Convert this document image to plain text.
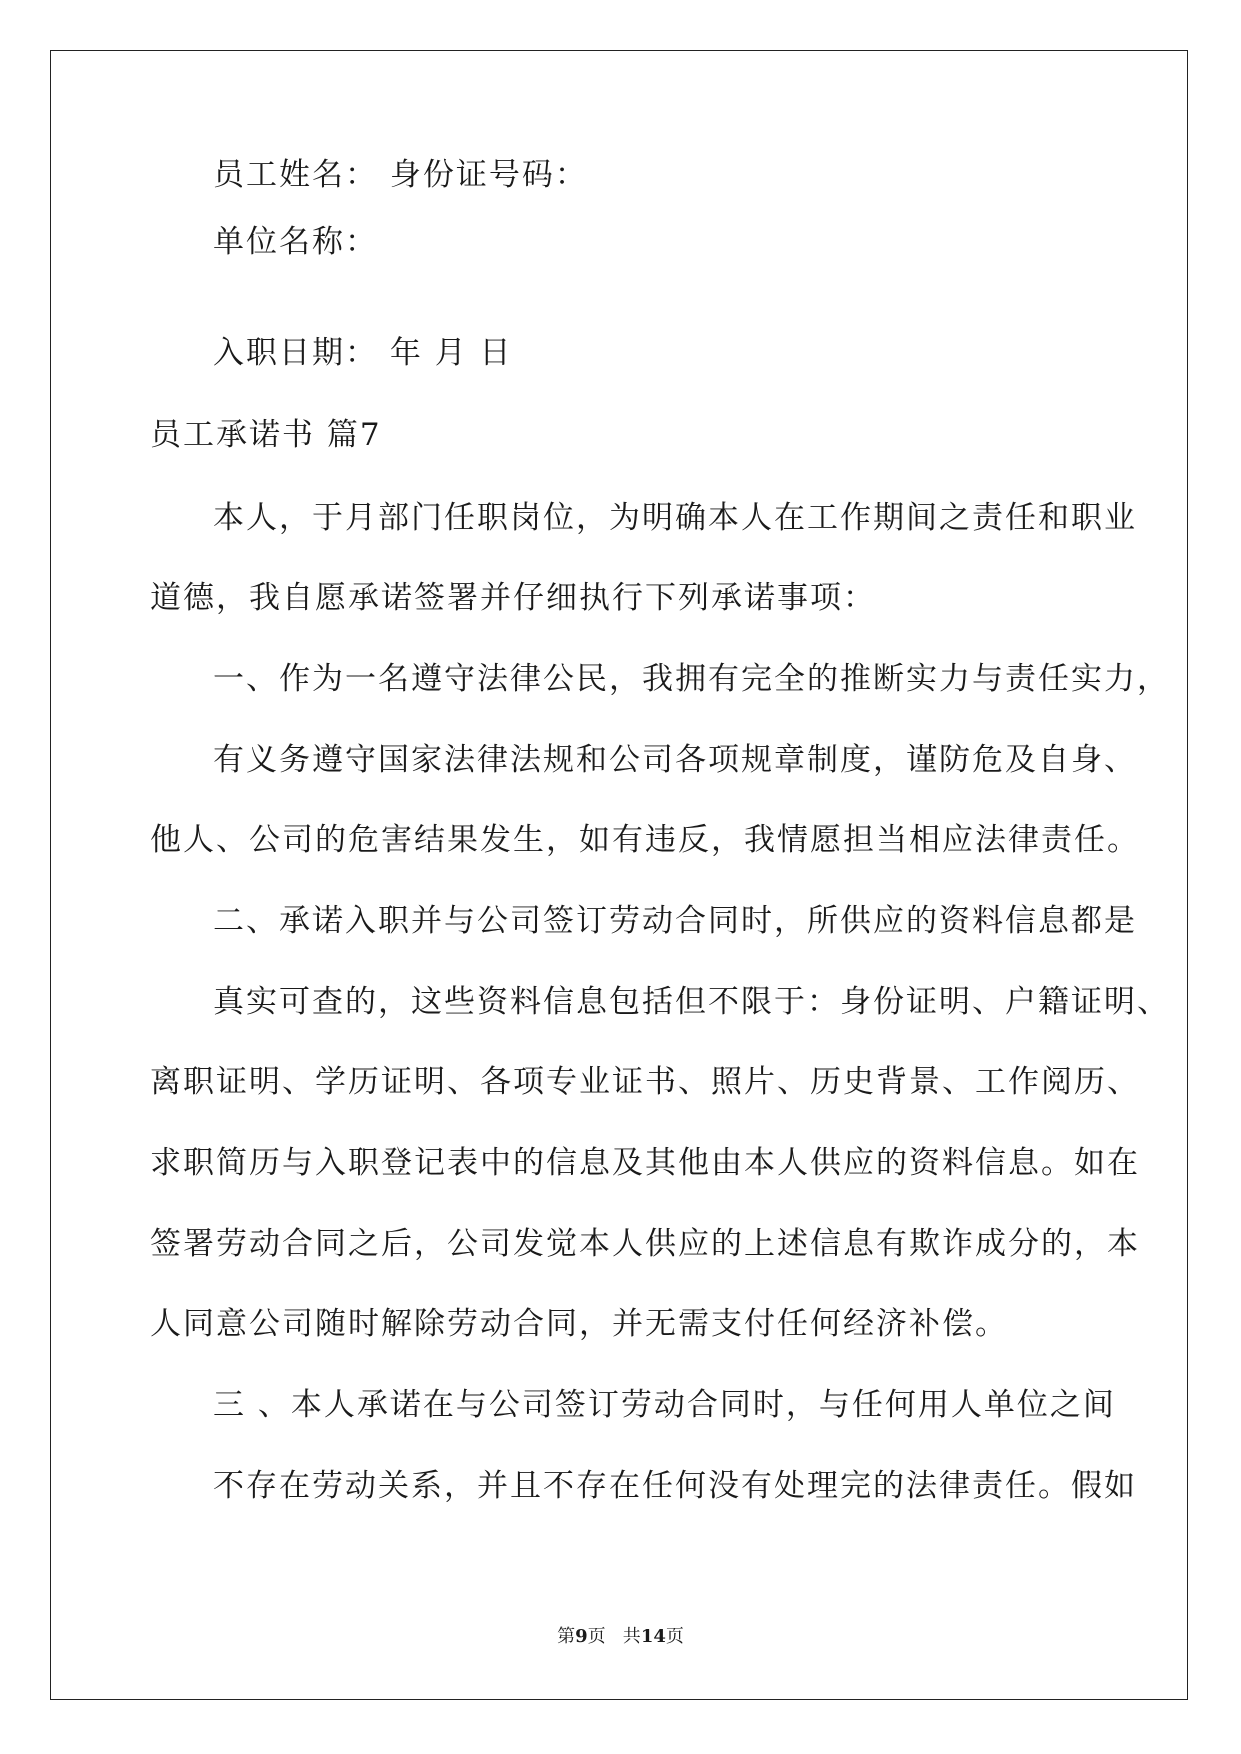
员工姓名： 身份证号码：
单位名称：
入职日期： 年 月 日
员工承诺书 篇7
本人，于月部门任职岗位，为明确本人在工作期间之责任和职业
道德，我自愿承诺签署并仔细执行下列承诺事项：
一、作为一名遵守法律公民，我拥有完全的推断实力与责任实力，
有义务遵守国家法律法规和公司各项规章制度，谨防危及自身、
他人、公司的危害结果发生，如有违反，我情愿担当相应法律责任。
二、承诺入职并与公司签订劳动合同时，所供应的资料信息都是
真实可查的，这些资料信息包括但不限于：身份证明、户籍证明、
离职证明、学历证明、各项专业证书、照片、历史背景、工作阅历、
求职简历与入职登记表中的信息及其他由本人供应的资料信息。如在
签署劳动合同之后，公司发觉本人供应的上述信息有欺诈成分的，本
人同意公司随时解除劳动合同，并无需支付任何经济补偿。
三 、本人承诺在与公司签订劳动合同时，与任何用人单位之间
不存在劳动关系，并且不存在任何没有处理完的法律责任。假如
第9页   共14页
